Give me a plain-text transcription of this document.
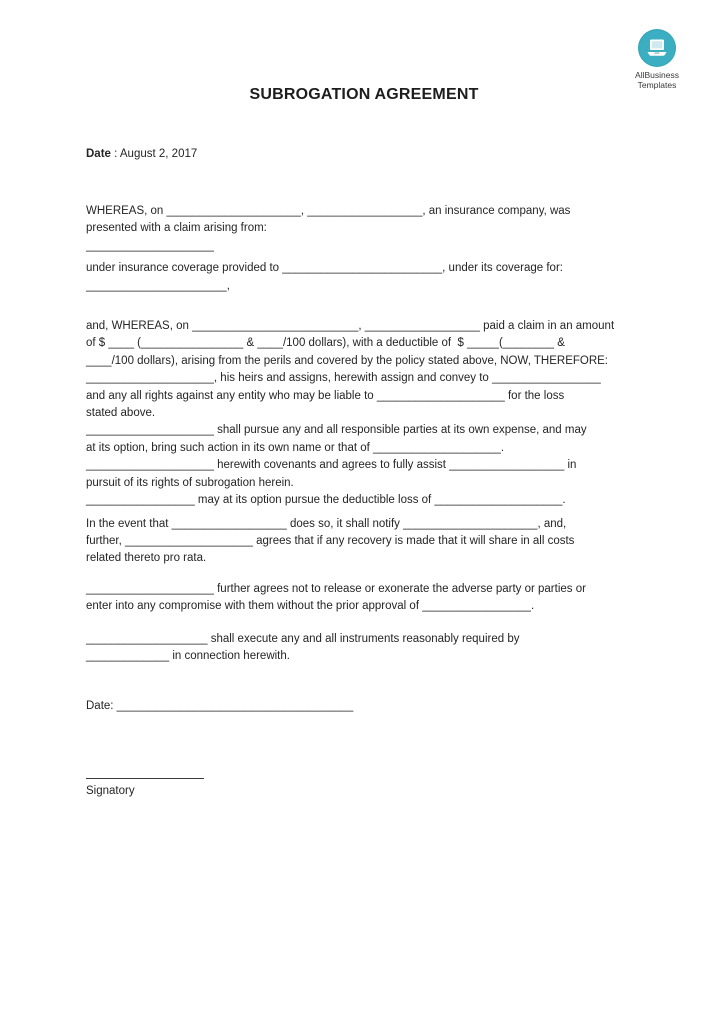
AllBusiness
Templates
SUBROGATION AGREEMENT
Date : August 2, 2017
WHEREAS, on _____________________, __________________, an insurance company, was
presented with a claim arising from:
____________________
under insurance coverage provided to _________________________, under its coverage for:
______________________,
and, WHEREAS, on __________________________, __________________ paid a claim in an amount
of $ ____ (________________ & ____/100 dollars), with a deductible of  $ _____(________ &
____/100 dollars), arising from the perils and covered by the policy stated above, NOW, THEREFORE:
____________________, his heirs and assigns, herewith assign and convey to _________________
and any all rights against any entity who may be liable to ____________________ for the loss
stated above.
____________________ shall pursue any and all responsible parties at its own expense, and may
at its option, bring such action in its own name or that of ____________________.
____________________ herewith covenants and agrees to fully assist __________________ in
pursuit of its rights of subrogation herein.
_________________ may at its option pursue the deductible loss of ____________________.
In the event that __________________ does so, it shall notify _____________________, and,
further, ____________________ agrees that if any recovery is made that it will share in all costs
related thereto pro rata.
____________________ further agrees not to release or exonerate the adverse party or parties or
enter into any compromise with them without the prior approval of _________________.
___________________ shall execute any and all instruments reasonably required by
_____________ in connection herewith.
Date: _____________________________________
Signatory
